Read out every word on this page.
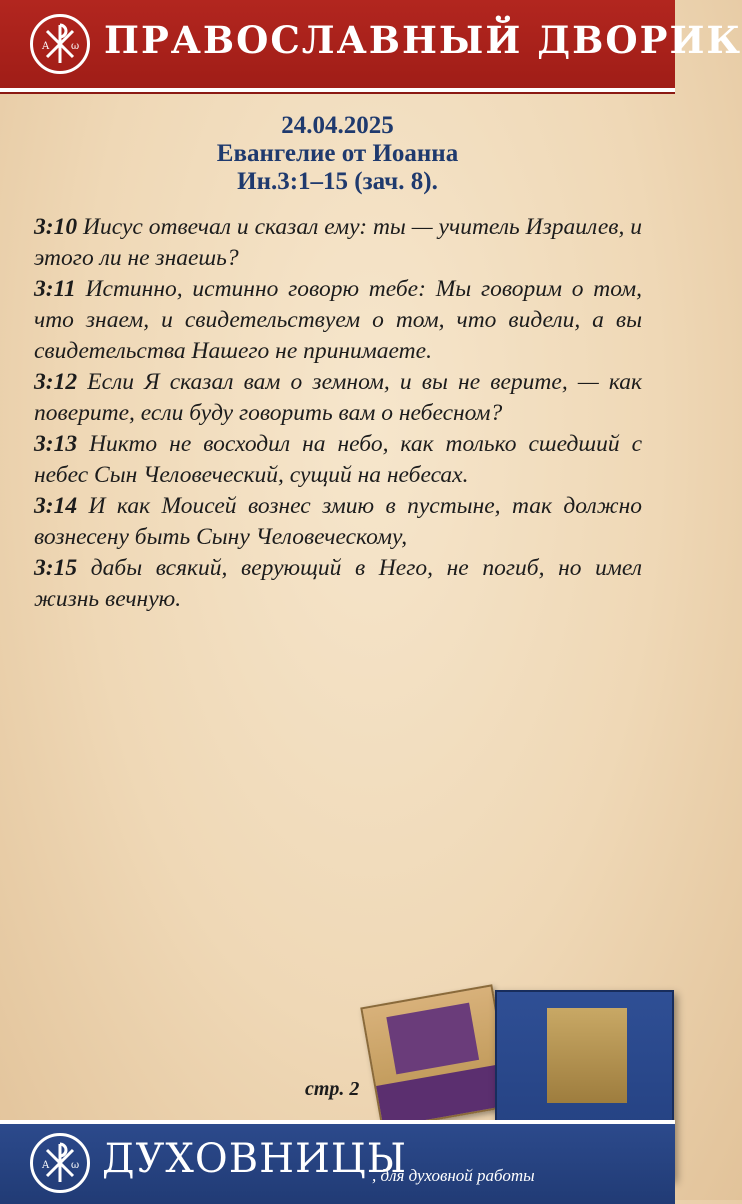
A ω ПРАВОСЛАВНЫЙ ДВОРИК
24.04.2025
Евангелие от Иоанна
Ин.3:1–15 (зач. 8).

3:10 Иисус отвечал и сказал ему: ты — учитель Израилев, и этого ли не знаешь?

3:11 Истинно, истинно говорю тебе: Мы говорим о том, что знаем, и свидетельствуем о том, что видели, а вы свидетельства Нашего не принимаете.

3:12 Если Я сказал вам о земном, и вы не верите, — как поверите, если буду говорить вам о небесном?

3:13 Никто не восходил на небо, как только сшедший с небес Сын Человеческий, сущий на небесах.

3:14 И как Моисей вознес змию в пустыне, так должно вознесену быть Сыну Человеческому,

3:15 дабы всякий, верующий в Него, не погиб, но имел жизнь вечную.

стр. 2
A ω ДУХОВНИЦЫ
, для духовной работы
